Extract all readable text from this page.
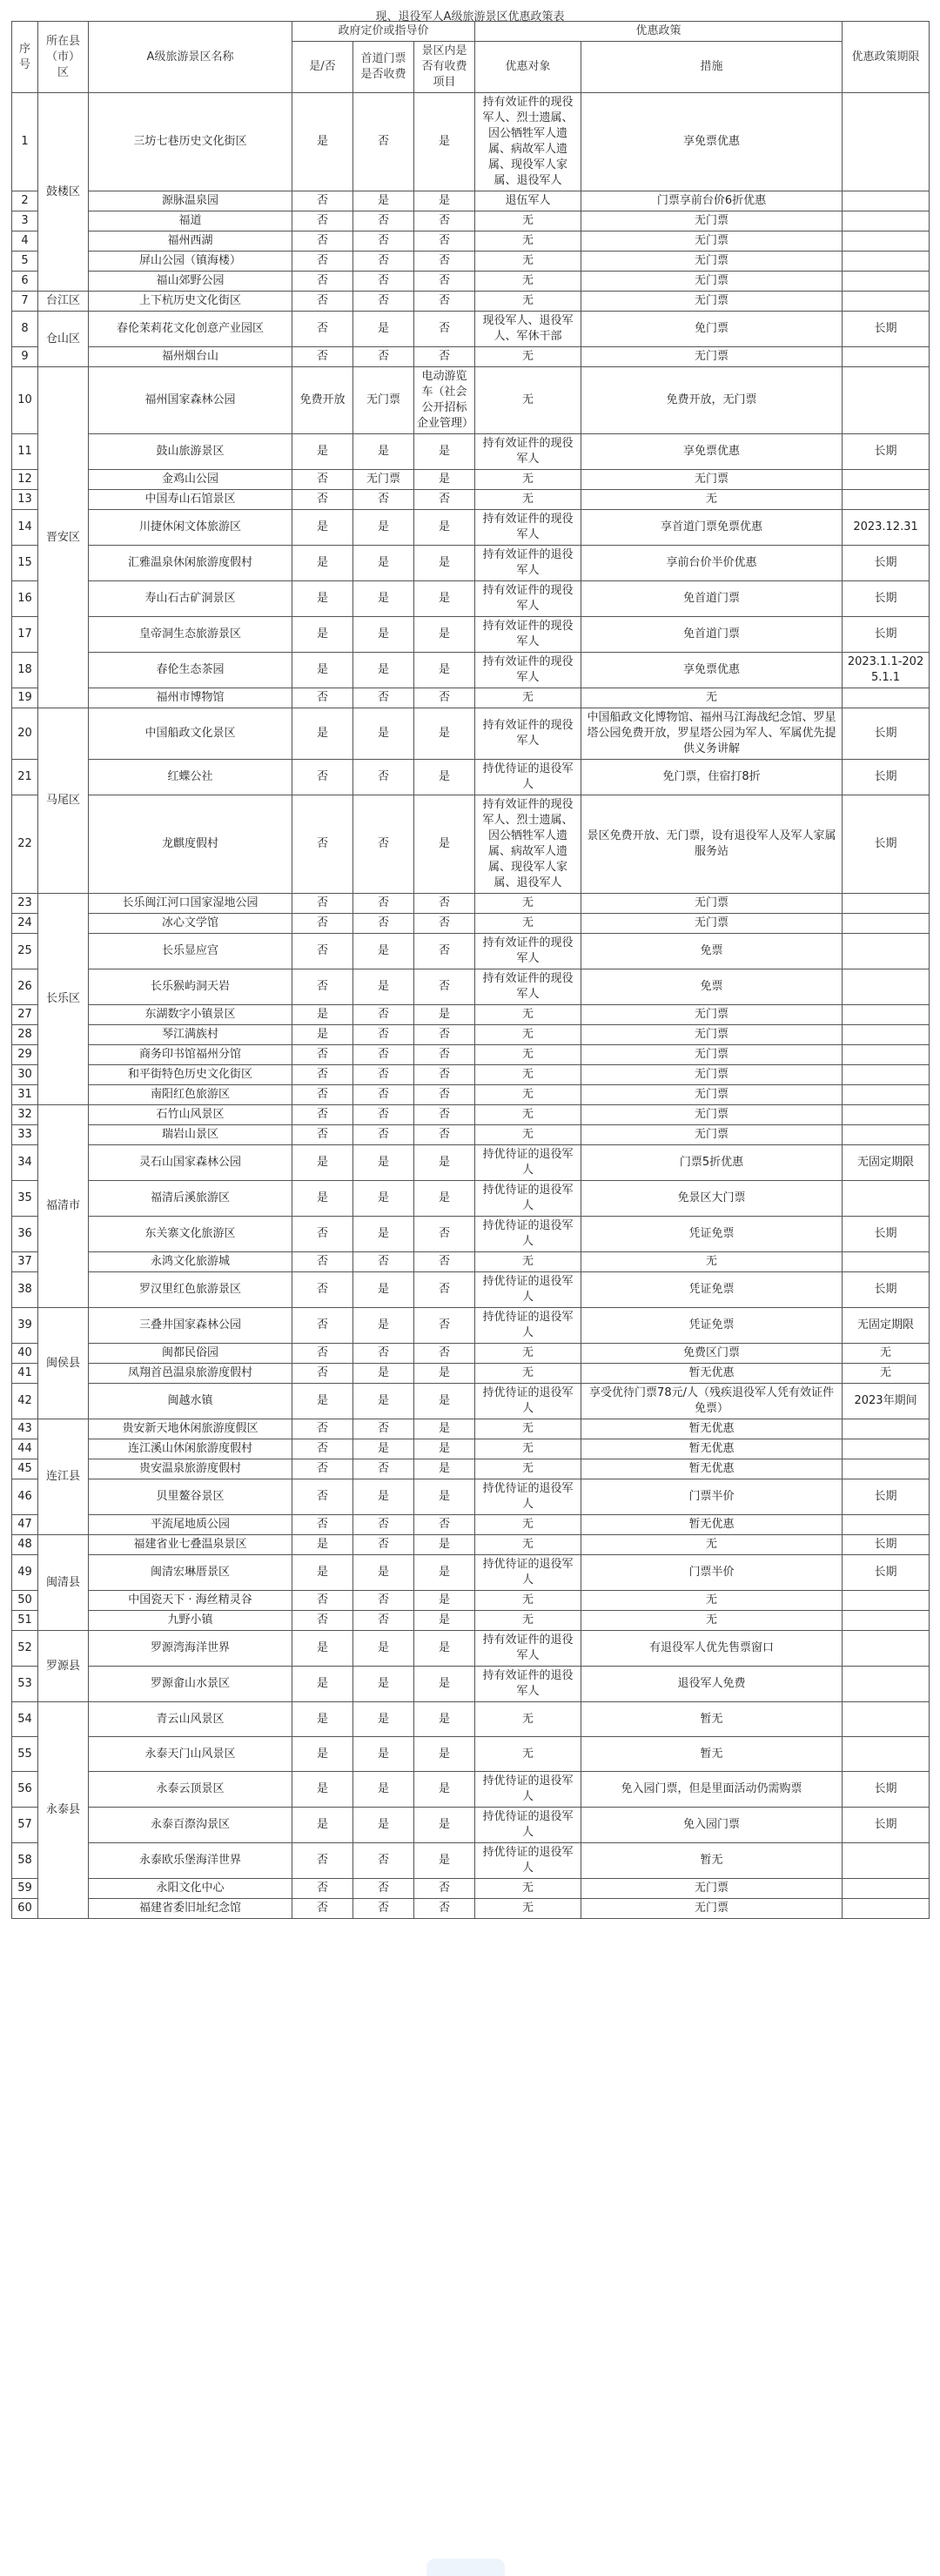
现、退役军人A级旅游景区优惠政策表
序号	所在县（市）区	A级旅游景区名称	政府定价或指导价			优惠政策		优惠政策期限
			是/否	首道门票是否收费	景区内是否有收费项目	优惠对象	措施	
1	鼓楼区	三坊七巷历史文化街区	是	否	是	持有效证件的现役军人、烈士遗属、因公牺牲军人遗属、病故军人遗属、现役军人家属、退役军人	享免票优惠	
2		源脉温泉园	否	是	是	退伍军人	门票享前台价6折优惠	
3		福道	否	否	否	无	无门票	
4		福州西湖	否	否	否	无	无门票	
5		屏山公园（镇海楼）	否	否	否	无	无门票	
6		福山郊野公园	否	否	否	无	无门票	
7	台江区	上下杭历史文化街区	否	否	否	无	无门票	
8	仓山区	春伦茉莉花文化创意产业园区	否	是	否	现役军人、退役军人、军休干部	免门票	长期
9		福州烟台山	否	否	否	无	无门票	
10	晋安区	福州国家森林公园	免费开放	无门票	电动游览车（社会公开招标企业管理）	无	免费开放，无门票	
11		鼓山旅游景区	是	是	是	持有效证件的现役军人	享免票优惠	长期
12		金鸡山公园	否	无门票	是	无	无门票	
13		中国寿山石馆景区	否	否	否	无	无	
14		川捷休闲文体旅游区	是	是	是	持有效证件的现役军人	享首道门票免票优惠	2023.12.31
15		汇雅温泉休闲旅游度假村	是	是	是	持有效证件的退役军人	享前台价半价优惠	长期
16		寿山石古矿洞景区	是	是	是	持有效证件的现役军人	免首道门票	长期
17		皇帝洞生态旅游景区	是	是	是	持有效证件的现役军人	免首道门票	长期
18		春伦生态茶园	是	是	是	持有效证件的现役军人	享免票优惠	2023.1.1-2025.1.1
19		福州市博物馆	否	否	否	无	无	
20	马尾区	中国船政文化景区	是	是	是	持有效证件的现役军人	中国船政文化博物馆、福州马江海战纪念馆、罗星塔公园免费开放，罗星塔公园为军人、军属优先提供义务讲解	长期
21		红蝶公社	否	否	是	持优待证的退役军人	免门票，住宿打8折	长期
22		龙麒度假村	否	否	是	持有效证件的现役军人、烈士遗属、因公牺牲军人遗属、病故军人遗属、现役军人家属、退役军人	景区免费开放、无门票，设有退役军人及军人家属服务站	长期
23	长乐区	长乐闽江河口国家湿地公园	否	否	否	无	无门票	
24		冰心文学馆	否	否	否	无	无门票	
25		长乐显应宫	否	是	否	持有效证件的现役军人	免票	
26		长乐猴屿洞天岩	否	是	否	持有效证件的现役军人	免票	
27		东湖数字小镇景区	是	否	是	无	无门票	
28		琴江满族村	是	否	否	无	无门票	
29		商务印书馆福州分馆	否	否	否	无	无门票	
30		和平街特色历史文化街区	否	否	否	无	无门票	
31		南阳红色旅游区	否	否	否	无	无门票	
32	福清市	石竹山风景区	否	否	否	无	无门票	
33		瑞岩山景区	否	否	否	无	无门票	
34		灵石山国家森林公园	是	是	是	持优待证的退役军人	门票5折优惠	无固定期限
35		福清后溪旅游区	是	是	是	持优待证的退役军人	免景区大门票	
36		东关寨文化旅游区	否	是	否	持优待证的退役军人	凭证免票	长期
37		永鸿文化旅游城	否	否	否	无	无	
38		罗汉里红色旅游景区	否	是	否	持优待证的退役军人	凭证免票	长期
39	闽侯县	三叠井国家森林公园	否	是	否	持优待证的退役军人	凭证免票	无固定期限
40		闽都民俗园	否	否	否	无	免费区门票	无
41		凤翔首邑温泉旅游度假村	否	是	是	无	暂无优惠	无
42		闽越水镇	是	是	是	持优待证的退役军人	享受优待门票78元/人（残疾退役军人凭有效证件免票）	2023年期间
43	连江县	贵安新天地休闲旅游度假区	否	否	是	无	暂无优惠	
44		连江溪山休闲旅游度假村	否	是	是	无	暂无优惠	
45		贵安温泉旅游度假村	否	否	是	无	暂无优惠	
46		贝里鳌谷景区	否	是	是	持优待证的退役军人	门票半价	长期
47		平流尾地质公园	否	否	否	无	暂无优惠	
48	闽清县	福建省业七叠温泉景区	是	否	是	无	无	长期
49		闽清宏琳厝景区	是	是	是	持优待证的退役军人	门票半价	长期
50		中国瓷天下 · 海丝精灵谷	否	否	是	无	无	
51		九野小镇	否	否	是	无	无	
52	罗源县	罗源湾海洋世界	是	是	是	持有效证件的退役军人	有退役军人优先售票窗口	
53		罗源畲山水景区	是	是	是	持有效证件的退役军人	退役军人免费	
54	永泰县	青云山风景区	是	是	是	无	暂无	
55		永泰天门山风景区	是	是	是	无	暂无	
56		永泰云顶景区	是	是	是	持优待证的退役军人	免入园门票，但是里面活动仍需购票	长期
57		永泰百漈沟景区	是	是	是	持优待证的退役军人	免入园门票	长期
58		永泰欧乐堡海洋世界	否	否	是	持优待证的退役军人	暂无	
59		永阳文化中心	否	否	否	无	无门票	
60		福建省委旧址纪念馆	否	否	否	无	无门票	
